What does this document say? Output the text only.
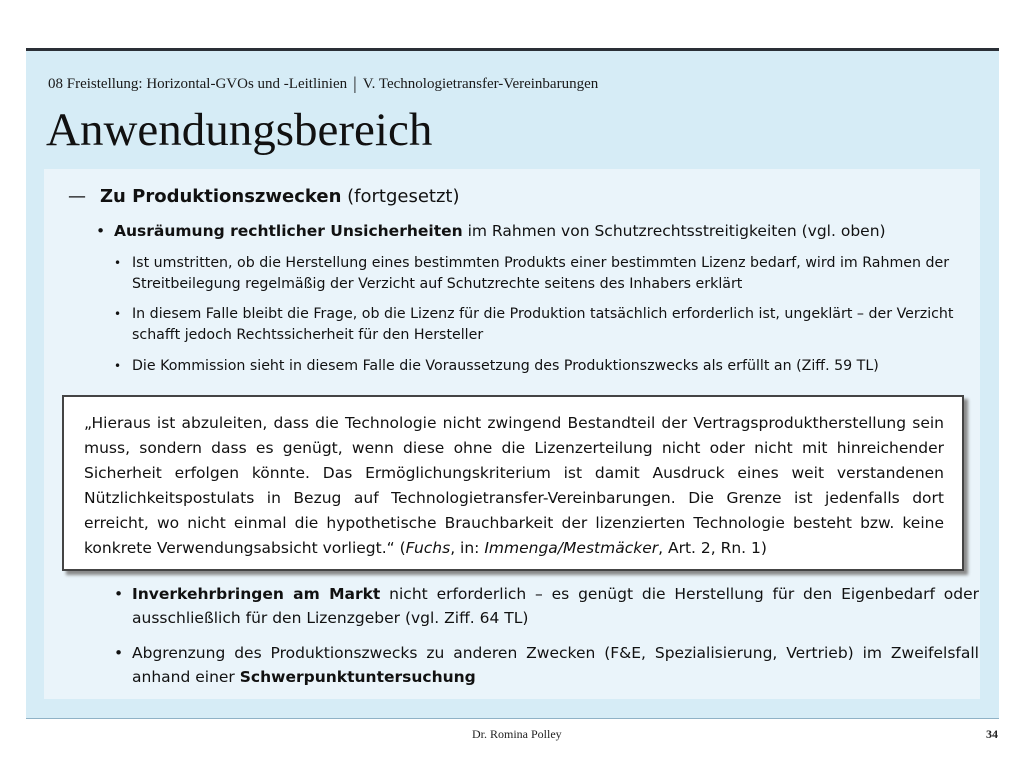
08 Freistellung: Horizontal-GVOs und -Leitlinien | V. Technologietransfer-Vereinbarungen
Anwendungsbereich
— Zu Produktionszwecken (fortgesetzt)
• Ausräumung rechtlicher Unsicherheiten im Rahmen von Schutzrechtsstreitigkeiten (vgl. oben)
• Ist umstritten, ob die Herstellung eines bestimmten Produkts einer bestimmten Lizenz bedarf, wird im Rahmen der Streitbeilegung regelmäßig der Verzicht auf Schutzrechte seitens des Inhabers erklärt
• In diesem Falle bleibt die Frage, ob die Lizenz für die Produktion tatsächlich erforderlich ist, ungeklärt – der Verzicht schafft jedoch Rechtssicherheit für den Hersteller
• Die Kommission sieht in diesem Falle die Voraussetzung des Produktionszwecks als erfüllt an (Ziff. 59 TL)
• Inverkehrbringen am Markt nicht erforderlich – es genügt die Herstellung für den Eigenbedarf oder ausschließlich für den Lizenzgeber (vgl. Ziff. 64 TL)
• Abgrenzung des Produktionszwecks zu anderen Zwecken (F&E, Spezialisierung, Vertrieb) im Zweifelsfall anhand einer Schwerpunktuntersuchung
„Hieraus ist abzuleiten, dass die Technologie nicht zwingend Bestandteil der Vertragsproduktherstellung sein muss, sondern dass es genügt, wenn diese ohne die Lizenzerteilung nicht oder nicht mit hinreichender Sicherheit erfolgen könnte. Das Ermöglichungskriterium ist damit Ausdruck eines weit verstandenen Nützlichkeitspostulats in Bezug auf Technologietransfer-Vereinbarungen. Die Grenze ist jedenfalls dort erreicht, wo nicht einmal die hypothetische Brauchbarkeit der lizenzierten Technologie besteht bzw. keine konkrete Verwendungsabsicht vorliegt.“ (Fuchs, in: Immenga/Mestmäcker, Art. 2, Rn. 1)
Dr. Romina Polley	34
